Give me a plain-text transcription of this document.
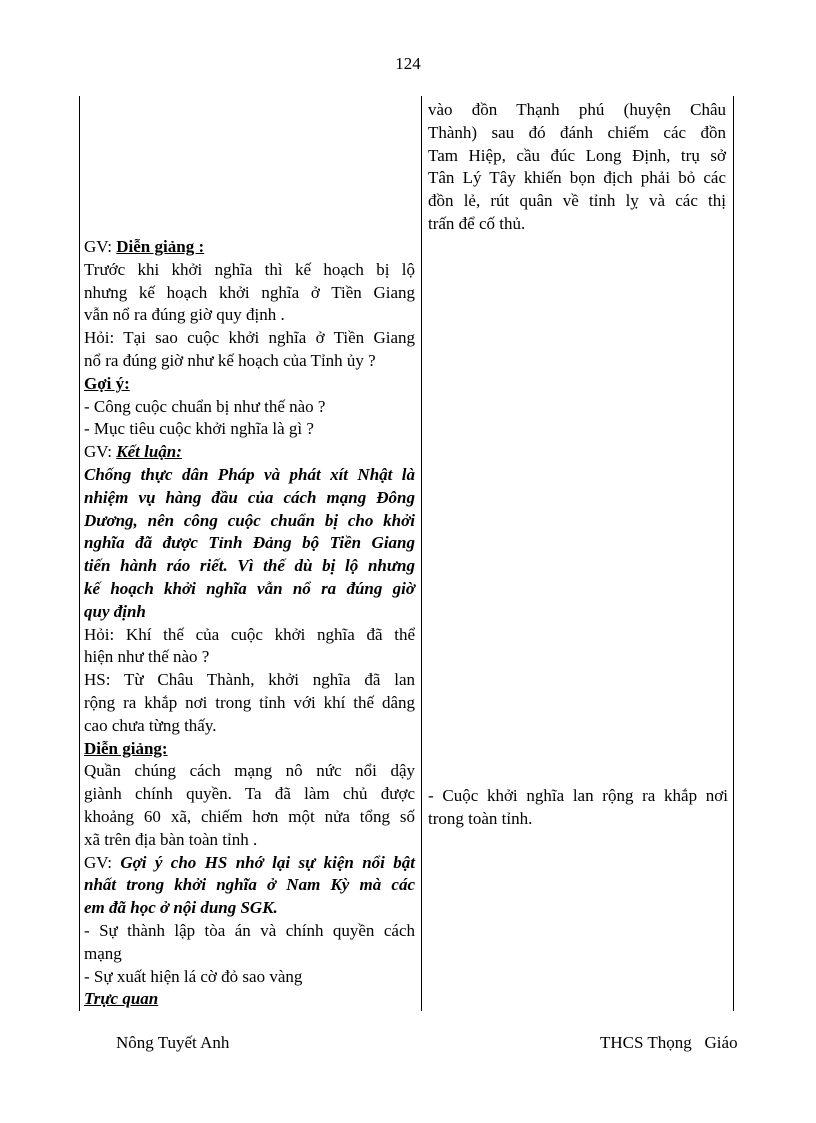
124

vào đồn Thạnh phú (huyện Châu

Thành) sau đó đánh chiếm các đồn

Tam Hiệp, cầu đúc Long Định, trụ sở

Tân Lý Tây khiến bọn địch phải bỏ các

đồn lẻ, rút quân về tỉnh lỵ và các thị

trấn để cố thủ.

- Cuộc khởi nghĩa lan rộng ra khắp nơi

trong toàn tỉnh.

GV: Diễn giảng :

Trước khi khởi nghĩa thì kế hoạch bị lộ

nhưng kế hoạch khởi nghĩa ở Tiền Giang

vẫn nổ ra đúng giờ quy định .

Hỏi: Tại sao cuộc khởi nghĩa ở Tiền Giang

nổ ra đúng giờ như kế hoạch của Tỉnh ủy ?

Gợi ý:

- Công cuộc chuẩn bị như thế nào ?

- Mục tiêu cuộc khởi nghĩa là gì ?

GV: Kết luận:

Chống thực dân Pháp và phát xít Nhật là

nhiệm vụ hàng đầu của cách mạng Đông

Dương, nên công cuộc chuẩn bị cho khởi

nghĩa đã được Tỉnh Đảng bộ Tiền Giang

tiến hành ráo riết. Vì thế dù bị lộ nhưng

kế hoạch khởi nghĩa vẫn nổ ra đúng giờ

quy định

Hỏi: Khí thế của cuộc khởi nghĩa đã thể

hiện như thế nào ?

HS: Từ Châu Thành, khởi nghĩa đã lan

rộng ra khắp nơi trong tỉnh với khí thế dâng

cao chưa từng thấy.

Diễn giảng:

Quần chúng cách mạng nô nức nổi dậy

giành chính quyền. Ta đã làm chủ được

khoảng 60 xã, chiếm hơn một nửa tổng số

xã trên địa bàn toàn tỉnh .

GV: Gợi ý cho HS nhớ lại sự kiện nổi bật

nhất trong khởi nghĩa ở Nam Kỳ mà các

em đã học ở nội dung SGK.

- Sự thành lập tòa án và chính quyền cách

mạng

- Sự xuất hiện lá cờ đỏ sao vàng

Trực quan

Nông Tuyết Anh	THCS Thọng   Giáo
